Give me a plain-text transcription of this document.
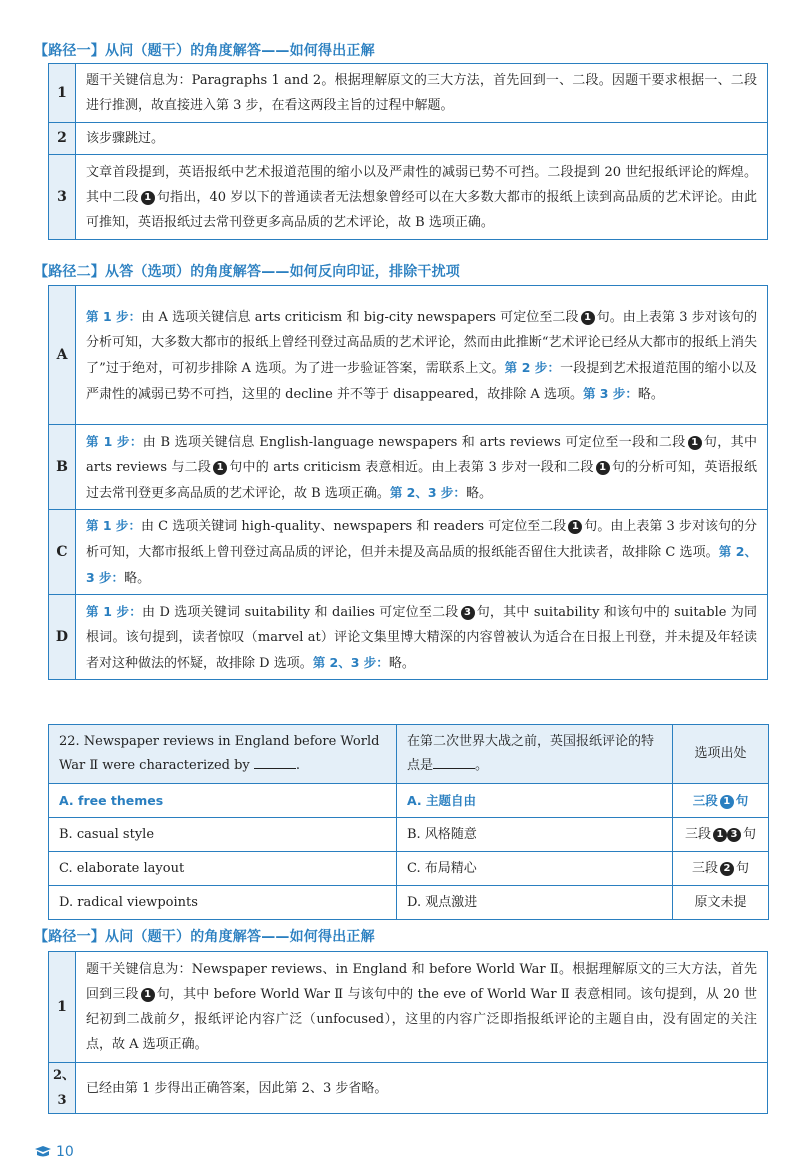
【路径一】从问（题干）的角度解答——如何得出正解
1	题干关键信息为：Paragraphs 1 and 2。根据理解原文的三大方法，首先回到一、二段。因题干要求根据一、二段进行推测，故直接进入第 3 步，在看这两段主旨的过程中解题。
2	该步骤跳过。
3	文章首段提到，英语报纸中艺术报道范围的缩小以及严肃性的减弱已势不可挡。二段提到 20 世纪报纸评论的辉煌。其中二段 1 句指出，40 岁以下的普通读者无法想象曾经可以在大多数大都市的报纸上读到高品质的艺术评论。由此可推知，英语报纸过去常刊登更多高品质的艺术评论，故 B 选项正确。
【路径二】从答（选项）的角度解答——如何反向印证，排除干扰项
A	第 1 步：由 A 选项关键信息 arts criticism 和 big-city newspapers 可定位至二段 1 句。由上表第 3 步对该句的分析可知，大多数大都市的报纸上曾经刊登过高品质的艺术评论，然而由此推断“艺术评论已经从大都市的报纸上消失了”过于绝对，可初步排除 A 选项。为了进一步验证答案，需联系上文。第 2 步：一段提到艺术报道范围的缩小以及严肃性的减弱已势不可挡，这里的 decline 并不等于 disappeared，故排除 A 选项。第 3 步：略。
B	第 1 步：由 B 选项关键信息 English-language newspapers 和 arts reviews 可定位至一段和二段 1 句，其中 arts reviews 与二段 1 句中的 arts criticism 表意相近。由上表第 3 步对一段和二段 1 句的分析可知，英语报纸过去常刊登更多高品质的艺术评论，故 B 选项正确。第 2、3 步：略。
C	第 1 步：由 C 选项关键词 high-quality、newspapers 和 readers 可定位至二段 1 句。由上表第 3 步对该句的分析可知，大都市报纸上曾刊登过高品质的评论，但并未提及高品质的报纸能否留住大批读者，故排除 C 选项。第 2、3 步：略。
D	第 1 步：由 D 选项关键词 suitability 和 dailies 可定位至二段 3 句，其中 suitability 和该句中的 suitable 为同根词。该句提到，读者惊叹（marvel at）评论文集里博大精深的内容曾被认为适合在日报上刊登，并未提及年轻读者对这种做法的怀疑，故排除 D 选项。第 2、3 步：略。
22. Newspaper reviews in England before World War Ⅱ were characterized by .	在第二次世界大战之前，英国报纸评论的特点是 。	选项出处
A. free themes	A. 主题自由	三段 1 句
B. casual style	B. 风格随意	三段 1 3 句
C. elaborate layout	C. 布局精心	三段 2 句
D. radical viewpoints	D. 观点激进	原文未提
【路径一】从问（题干）的角度解答——如何得出正解
1	题干关键信息为：Newspaper reviews、in England 和 before World War Ⅱ。根据理解原文的三大方法，首先回到三段 1 句，其中 before World War Ⅱ 与该句中的 the eve of World War Ⅱ 表意相同。该句提到，从 20 世纪初到二战前夕，报纸评论内容广泛（unfocused），这里的内容广泛即指报纸评论的主题自由，没有固定的关注点，故 A 选项正确。
2、3	已经由第 1 步得出正确答案，因此第 2、3 步省略。
10
